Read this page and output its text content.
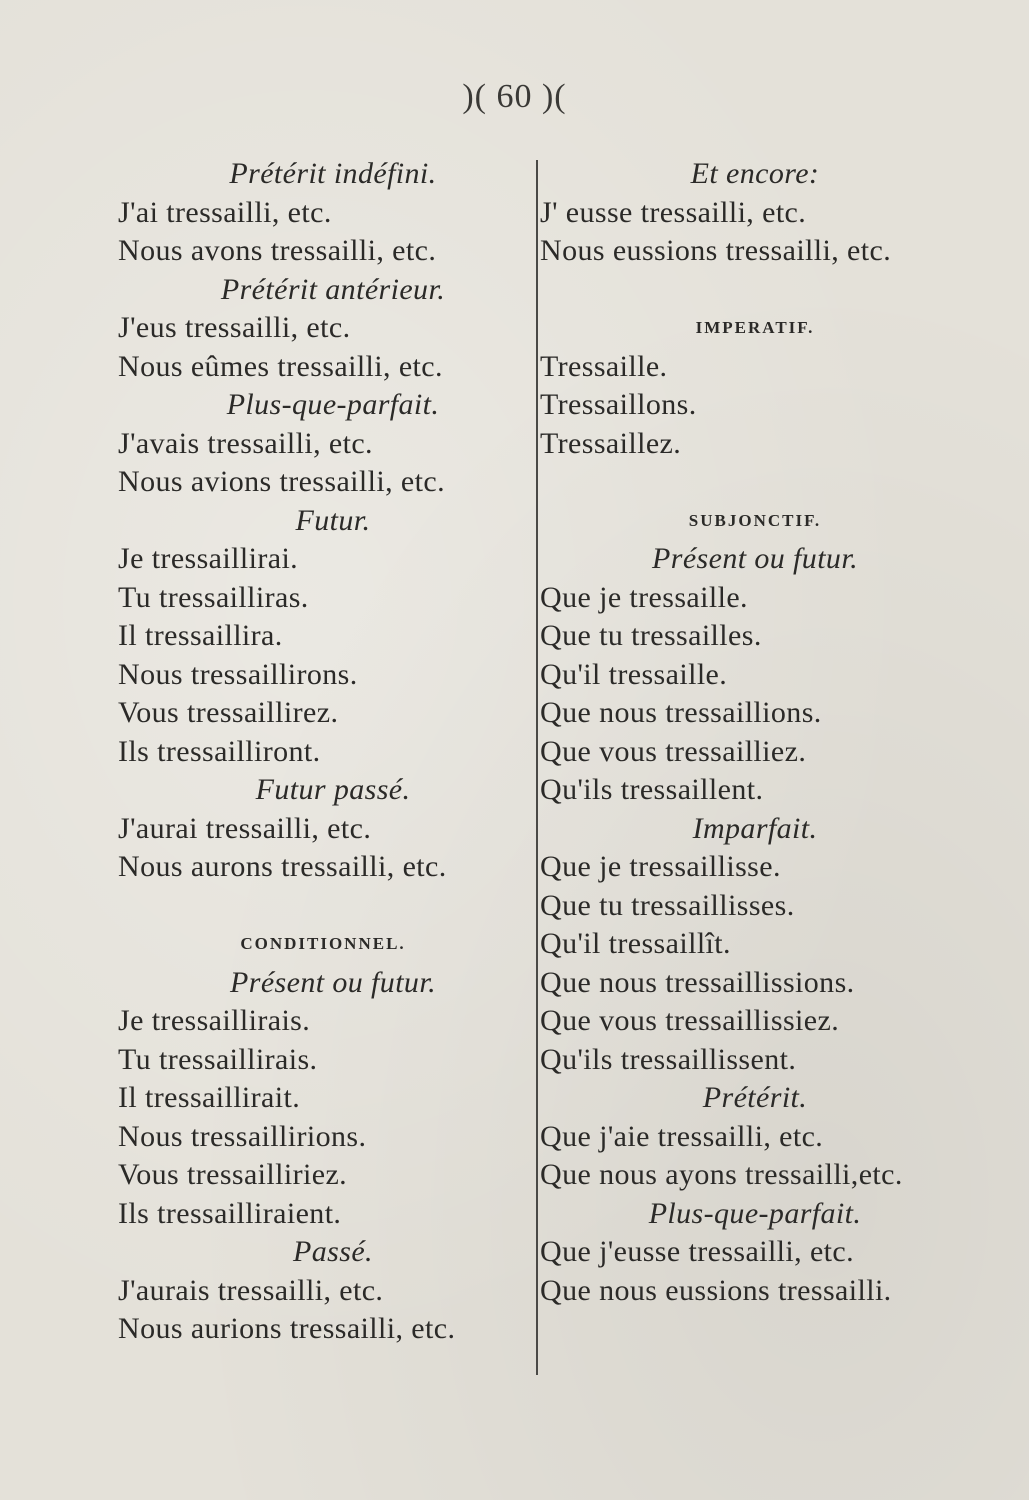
)( 60 )(
Prétérit indéfini.
J'ai tressailli, etc.
Nous avons tressailli, etc.
Prétérit antérieur.
J'eus tressailli, etc.
Nous eûmes tressailli, etc.
Plus-que-parfait.
J'avais tressailli, etc.
Nous avions tressailli, etc.
Futur.
Je tressaillirai.
Tu tressailliras.
Il tressaillira.
Nous tressaillirons.
Vous tressaillirez.
Ils tressailliront.
Futur passé.
J'aurai tressailli, etc.
Nous aurons tressailli, etc.
CONDITIONNEL.
Présent ou futur.
Je tressaillirais.
Tu tressaillirais.
Il tressaillirait.
Nous tressaillirions.
Vous tressailliriez.
Ils tressailliraient.
Passé.
J'aurais tressailli, etc.
Nous aurions tressailli, etc.
Et encore:
J' eusse tressailli, etc.
Nous eussions tressailli, etc.
IMPERATIF.
Tressaille.
Tressaillons.
Tressaillez.
SUBJONCTIF.
Présent ou futur.
Que je tressaille.
Que tu tressailles.
Qu'il tressaille.
Que nous tressaillions.
Que vous tressailliez.
Qu'ils tressaillent.
Imparfait.
Que je tressaillisse.
Que tu tressaillisses.
Qu'il tressaillît.
Que nous tressaillissions.
Que vous tressaillissiez.
Qu'ils tressaillissent.
Prétérit.
Que j'aie tressailli, etc.
Que nous ayons tressailli,etc.
Plus-que-parfait.
Que j'eusse tressailli, etc.
Que nous eussions tressailli.
